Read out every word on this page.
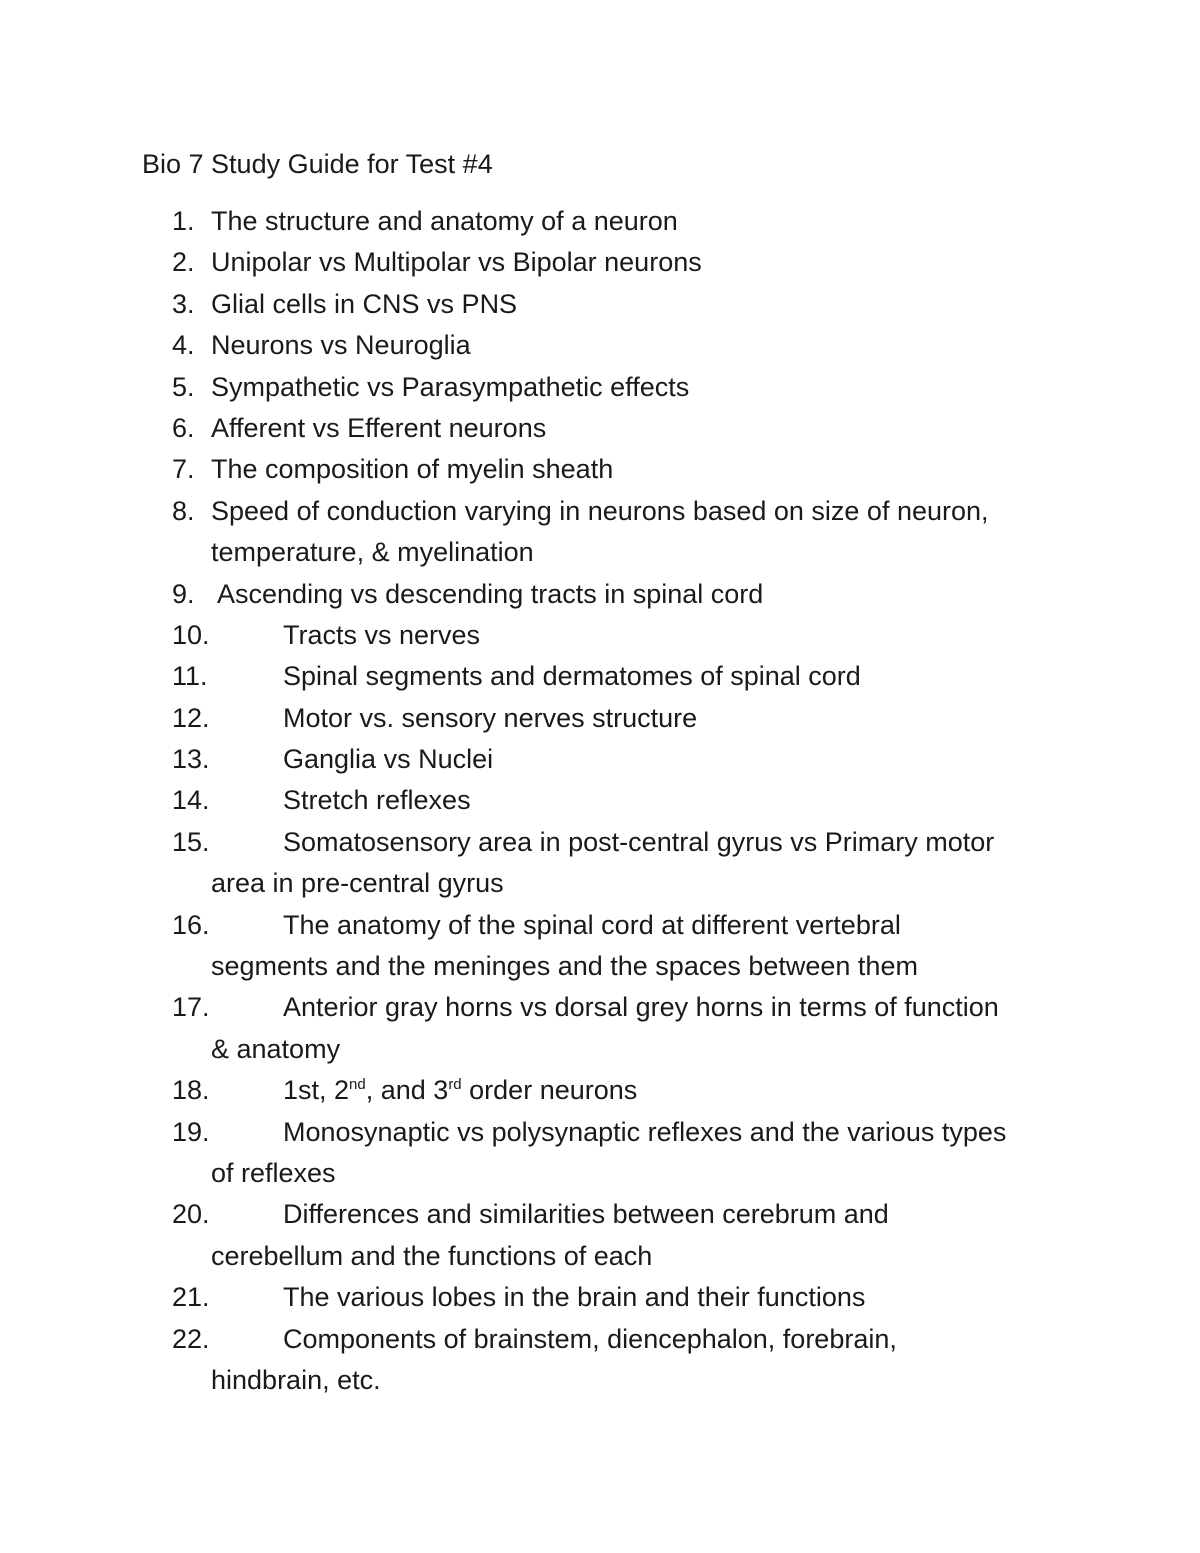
Bio 7 Study Guide for Test #4
1. The structure and anatomy of a neuron
2. Unipolar vs Multipolar vs Bipolar neurons
3. Glial cells in CNS vs PNS
4. Neurons vs Neuroglia
5. Sympathetic vs Parasympathetic effects
6. Afferent vs Efferent neurons
7. The composition of myelin sheath
8. Speed of conduction varying in neurons based on size of neuron,
temperature, & myelination
9. Ascending vs descending tracts in spinal cord
10.	Tracts vs nerves
11.	Spinal segments and dermatomes of spinal cord
12.	Motor vs. sensory nerves structure
13.	Ganglia vs Nuclei
14.	Stretch reflexes
15.	Somatosensory area in post-central gyrus vs Primary motor
area in pre-central gyrus
16.	The anatomy of the spinal cord at different vertebral
segments and the meninges and the spaces between them
17.	Anterior gray horns vs dorsal grey horns in terms of function
& anatomy
18.	1st, 2nd, and 3rd order neurons
19.	Monosynaptic vs polysynaptic reflexes and the various types
of reflexes
20.	Differences and similarities between cerebrum and
cerebellum and the functions of each
21.	The various lobes in the brain and their functions
22.	Components of brainstem, diencephalon, forebrain,
hindbrain, etc.
